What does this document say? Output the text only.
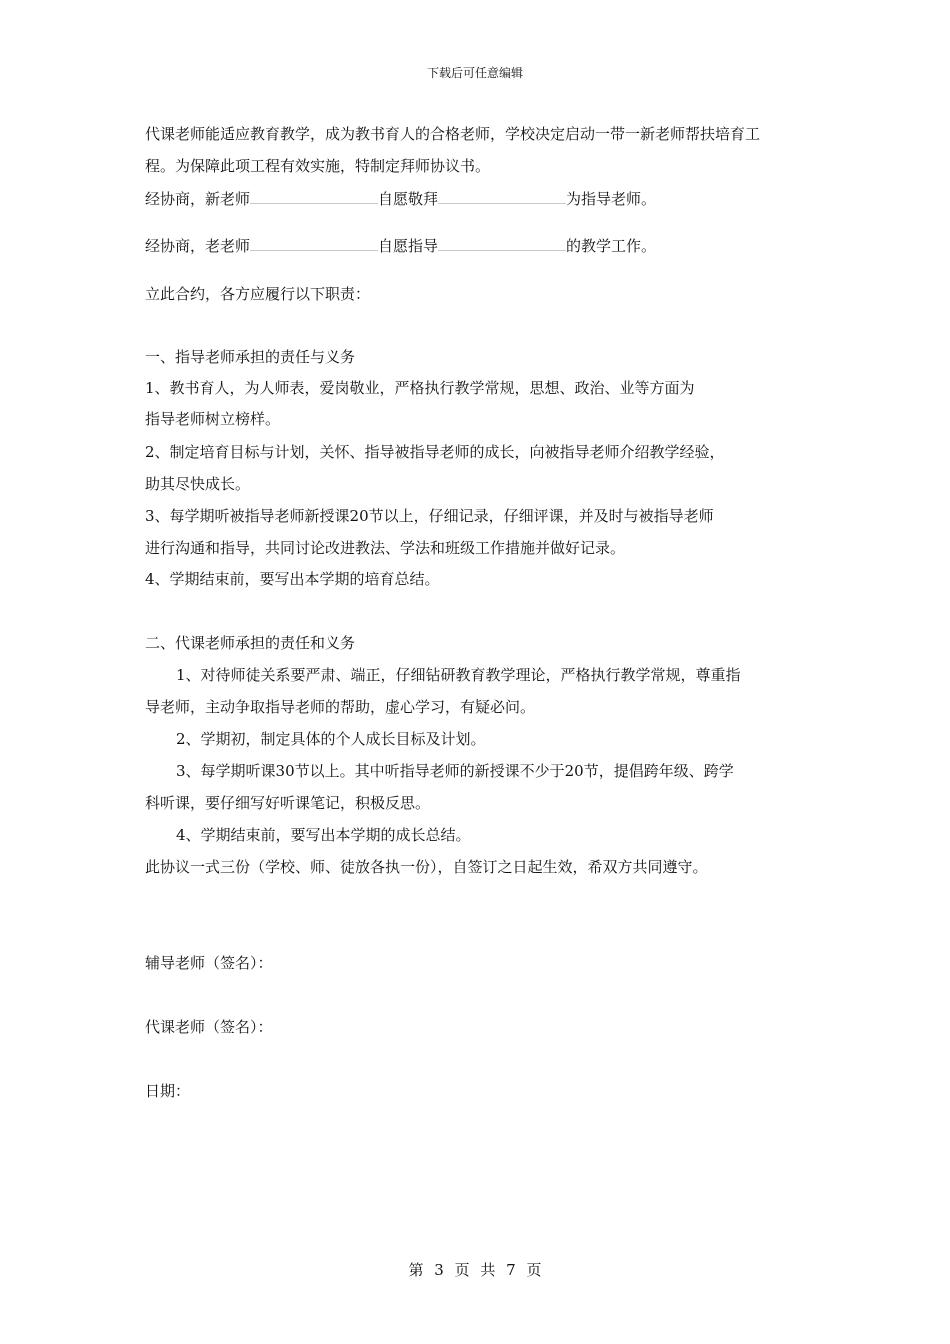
下载后可任意编辑
代课老师能适应教育教学，成为教书育人的合格老师，学校决定启动一带一新老师帮扶培育工
程。为保障此项工程有效实施，特制定拜师协议书。
经协商，新老师	自愿敬拜	为指导老师。
经协商，老老师	自愿指导	的教学工作。
立此合约，各方应履行以下职责：
一、指导老师承担的责任与义务
1、教书育人，为人师表，爱岗敬业，严格执行教学常规，思想、政治、业等方面为
指导老师树立榜样。
2、制定培育目标与计划，关怀、指导被指导老师的成长，向被指导老师介绍教学经验，
助其尽快成长。
3、每学期听被指导老师新授课20节以上，仔细记录，仔细评课，并及时与被指导老师
进行沟通和指导，共同讨论改进教法、学法和班级工作措施并做好记录。
4、学期结束前，要写出本学期的培育总结。
二、代课老师承担的责任和义务
1、对待师徒关系要严肃、端正，仔细钻研教育教学理论，严格执行教学常规，尊重指
导老师，主动争取指导老师的帮助，虚心学习，有疑必问。
2、学期初，制定具体的个人成长目标及计划。
3、每学期听课30节以上。其中听指导老师的新授课不少于20节，提倡跨年级、跨学
科听课，要仔细写好听课笔记，积极反思。
4、学期结束前，要写出本学期的成长总结。
此协议一式三份（学校、师、徒放各执一份），自签订之日起生效，希双方共同遵守。
辅导老师（签名）：
代课老师（签名）：
日期：
第 3 页 共 7 页
